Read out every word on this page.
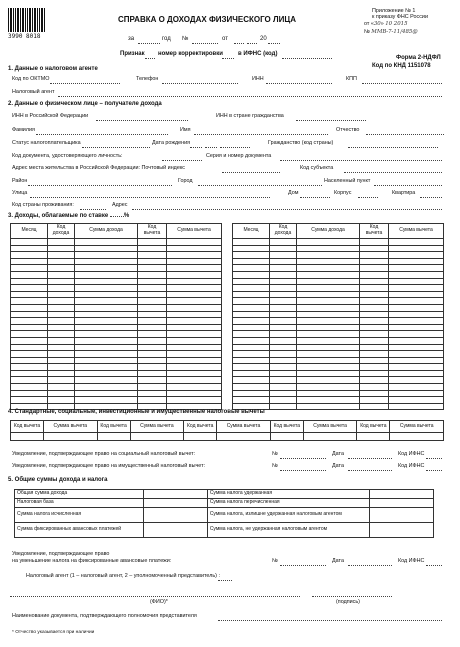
3990 8018
СПРАВКА О ДОХОДАХ ФИЗИЧЕСКОГО ЛИЦА
Приложение № 1
к приказу ФНС России
от «30» 10 2015
№ ММВ-7-11/485@
за	год №	от	20
Признак номер корректировки	в ИФНС (код)
Форма 2-НДФЛ
Код по КНД 1151078
1. Данные о налоговом агенте
Код по ОКТМО	Телефон	ИНН	КПП
Налоговый агент
2. Данные о физическом лице – получателе дохода
ИНН в Российской Федерации	ИНН в стране гражданства
Фамилия	Имя	Отчество
Статус налогоплательщика	Дата рождения	Гражданство (код страны)
Код документа, удостоверяющего личность:	Серия и номер документа
Адрес места жительства в Российской Федерации: Почтовый индекс	Код субъекта
Район	Город	Населенный пункт
Улица	Дом	Корпус	Квартира
Код страны проживания:	Адрес
3. Доходы, облагаемые по ставке	%
Месяц	Код дохода	Сумма дохода	Код вычета	Сумма вычета

					Месяц	Код дохода	Сумма дохода	Код вычета	Сумма вычета

4. Стандартные, социальные, инвестиционные и имущественные налоговые вычеты
Код вычета	Сумма вычета	Код вычета	Сумма вычета	Код вычета	Сумма вычета	Код вычета	Сумма вычета	Код вычета	Сумма вычета

Уведомление, подтверждающее право на социальный налоговый вычет:	№	Дата	Код ИФНС
Уведомление, подтверждающее право на имущественный налоговый вычет:	№	Дата	Код ИФНС
5. Общие суммы дохода и налога
Общая сумма дохода		Сумма налога удержанная	
Налоговая база		Сумма налога перечисленная	
Сумма налога исчисленная		Сумма налога, излишне удержанная налоговым агентом	
Сумма фиксированных авансовых платежей		Сумма налога, не удержанная налоговым агентом	
Уведомление, подтверждающее право
на уменьшение налога на фиксированные авансовые платежи:	№	Дата	Код ИФНС
Налоговый агент (1 – налоговый агент, 2 – уполномоченный представитель) :
(ФИО)*	(подпись)
Наименование документа, подтверждающего полномочия представителя
* Отчество указывается при наличии
